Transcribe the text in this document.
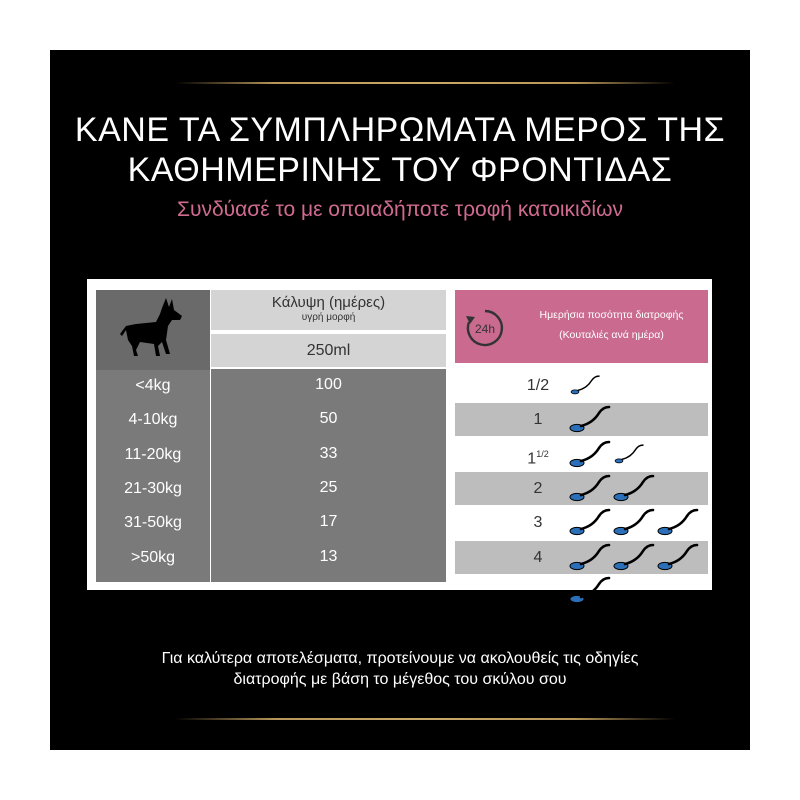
ΚΑΝΕ ΤΑ ΣΥΜΠΛΗΡΩΜΑΤΑ ΜΕΡΟΣ ΤΗΣ
ΚΑΘΗΜΕΡΙΝΗΣ ΤΟΥ ΦΡΟΝΤΙΔΑΣ
Συνδύασέ το με οποιαδήποτε τροφή κατοικιδίων
<4kg
4-10kg
11-20kg
21-30kg
31-50kg
>50kg
Κάλυψη (ημέρες)
υγρή μορφή
250ml
100
50
33
25
17
13
24h
Ημερήσια ποσότητα διατροφής
(Κουταλιές ανά ημέρα)
1/2
1
$1^{1/2}$
2
3
4
Για καλύτερα αποτελέσματα, προτείνουμε να ακολουθείς τις οδηγίες
διατροφής με βάση το μέγεθος του σκύλου σου
